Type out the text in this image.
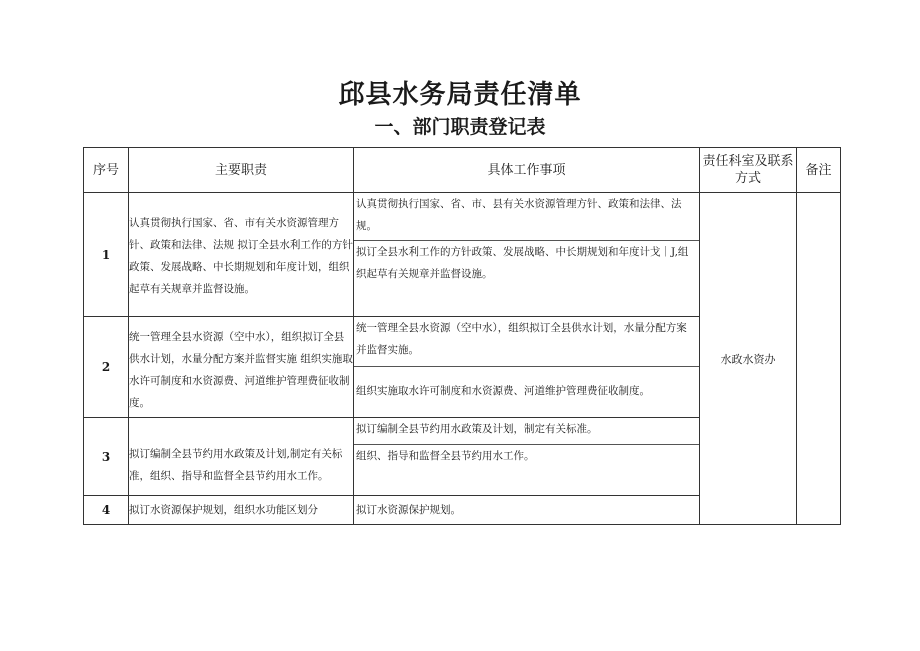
邱县水务局责任清单
一、部门职责登记表
序号	主要职责	具体工作事项	责任科室及联系方式	备注
1	认真贯彻执行国家、省、市有关水资源管理方针、政策和法律、法规 拟订全县水利工作的方针政策、发展战略、中长期规划和年度计划，组织起草有关规章并监督设施。	认真贯彻执行国家、省、市、县有关水资源管理方针、政策和法律、法规。
拟订全县水利工作的方针政策、发展战略、中长期规划和年度计戈｜J,组织起草有关规章并监督设施。	水政水资办	
2	统一管理全县水资源（空中水），组织拟订全县供水计划，水量分配方案并监督实施 组织实施取水许可制度和水资源费、河道维护管理费征收制度。	统一管理全县水资源（空中水），组织拟订全县供水计划，水量分配方案并监督实施。
组织实施取水许可制度和水资源费、河道维护管理费征收制度。		

3	拟订编制全县节约用水政策及计划,制定有关标准，组织、指导和监督全县节约用水工作。	拟订编制全县节约用水政策及计划，制定有关标准。
组织、指导和监督全县节约用水工作。		

4	拟订水资源保护规划，组织水功能区划分	拟订水资源保护规划。		
